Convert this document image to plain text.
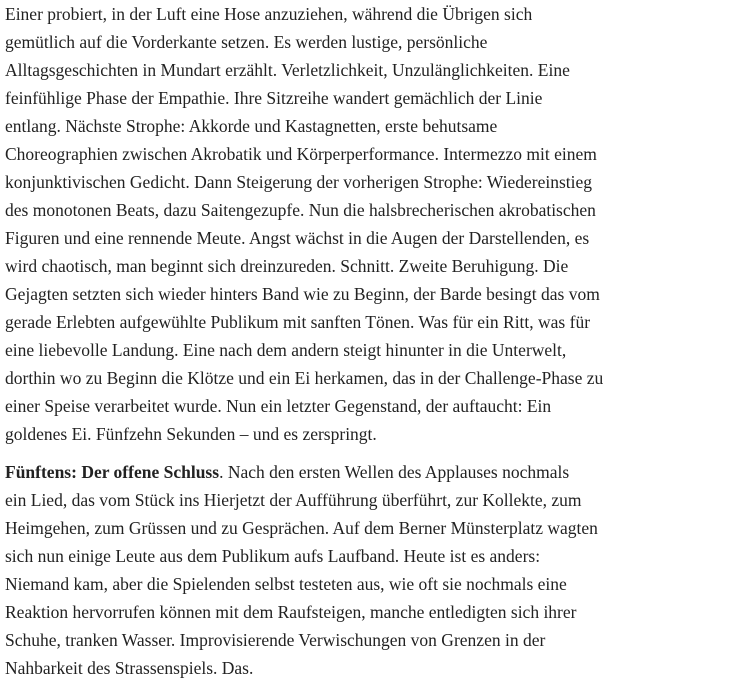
Einer probiert, in der Luft eine Hose anzuziehen, während die Übrigen sich
gemütlich auf die Vorderkante setzen. Es werden lustige, persönliche
Alltagsgeschichten in Mundart erzählt. Verletzlichkeit, Unzulänglichkeiten. Eine
feinfühlige Phase der Empathie. Ihre Sitzreihe wandert gemächlich der Linie
entlang. Nächste Strophe: Akkorde und Kastagnetten, erste behutsame
Choreographien zwischen Akrobatik und Körperperformance. Intermezzo mit einem
konjunktivischen Gedicht. Dann Steigerung der vorherigen Strophe: Wiedereinstieg
des monotonen Beats, dazu Saitengezupfe. Nun die halsbrecherischen akrobatischen
Figuren und eine rennende Meute. Angst wächst in die Augen der Darstellenden, es
wird chaotisch, man beginnt sich dreinzureden. Schnitt. Zweite Beruhigung. Die
Gejagten setzten sich wieder hinters Band wie zu Beginn, der Barde besingt das vom
gerade Erlebten aufgewühlte Publikum mit sanften Tönen. Was für ein Ritt, was für
eine liebevolle Landung. Eine nach dem andern steigt hinunter in die Unterwelt,
dorthin wo zu Beginn die Klötze und ein Ei herkamen, das in der Challenge-Phase zu
einer Speise verarbeitet wurde. Nun ein letzter Gegenstand, der auftaucht: Ein
goldenes Ei. Fünfzehn Sekunden – und es zerspringt.

Fünftens: Der offene Schluss. Nach den ersten Wellen des Applauses nochmals
ein Lied, das vom Stück ins Hierjetzt der Aufführung überführt, zur Kollekte, zum
Heimgehen, zum Grüssen und zu Gesprächen. Auf dem Berner Münsterplatz wagten
sich nun einige Leute aus dem Publikum aufs Laufband. Heute ist es anders:
Niemand kam, aber die Spielenden selbst testeten aus, wie oft sie nochmals eine
Reaktion hervorrufen können mit dem Raufsteigen, manche entledigten sich ihrer
Schuhe, tranken Wasser. Improvisierende Verwischungen von Grenzen in der
Nahbarkeit des Strassenspiels. Das.
